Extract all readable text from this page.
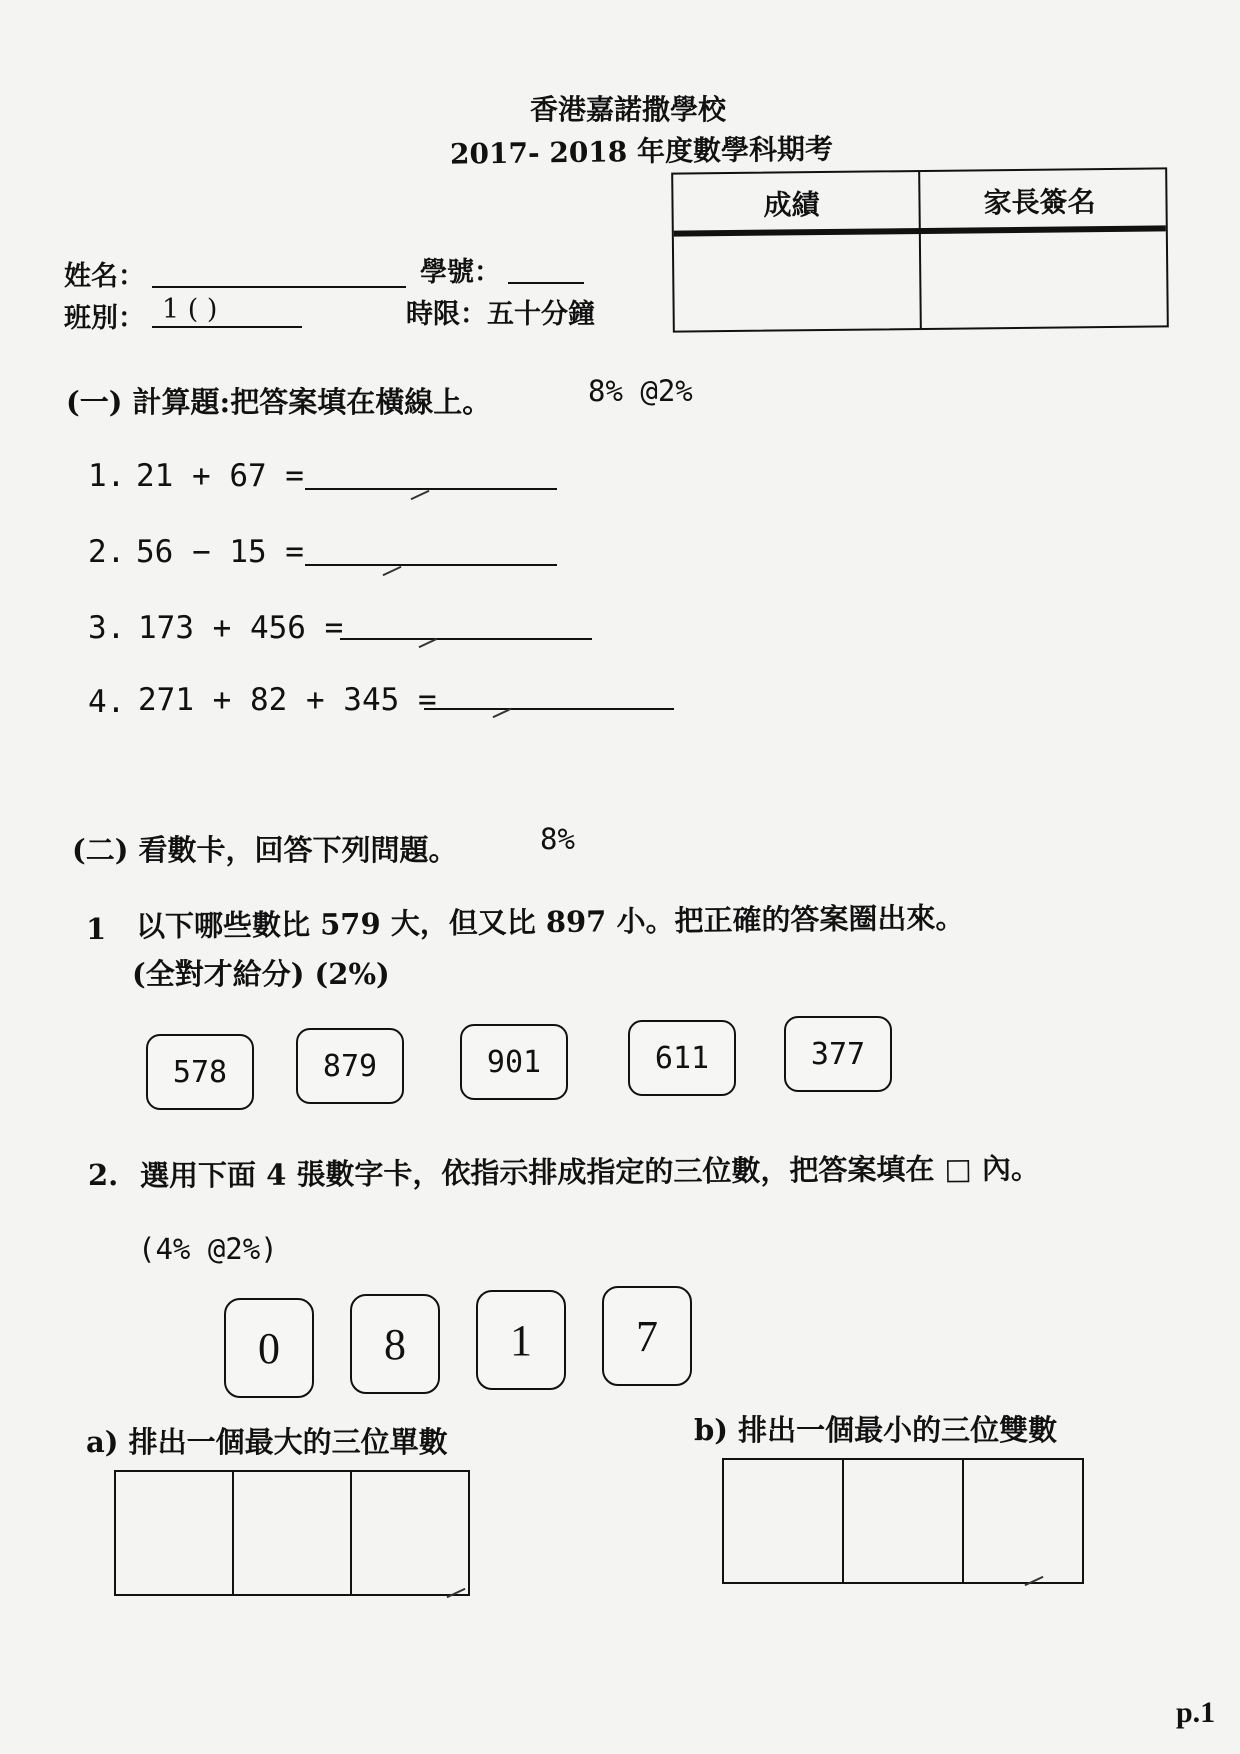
香港嘉諾撒學校
2017- 2018 年度數學科期考
姓名：	學號：
班別： 1 ( )	時限：五十分鐘
成績	家長簽名
(一) 計算題:把答案填在橫線上。	8% @2%
1. 21 + 67 =
2. 56 − 15 =
3. 173 + 456 =
4. 271 + 82 + 345 =
(二) 看數卡，回答下列問題。	8%
1 以下哪些數比 579 大，但又比 897 小。把正確的答案圈出來。
(全對才給分) (2%)
578	879	901	611	377
2. 選用下面 4 張數字卡，依指示排成指定的三位數，把答案填在 □ 內。
(4% @2%)
0	8	1	7
a) 排出一個最大的三位單數	b) 排出一個最小的三位雙數
p.1
